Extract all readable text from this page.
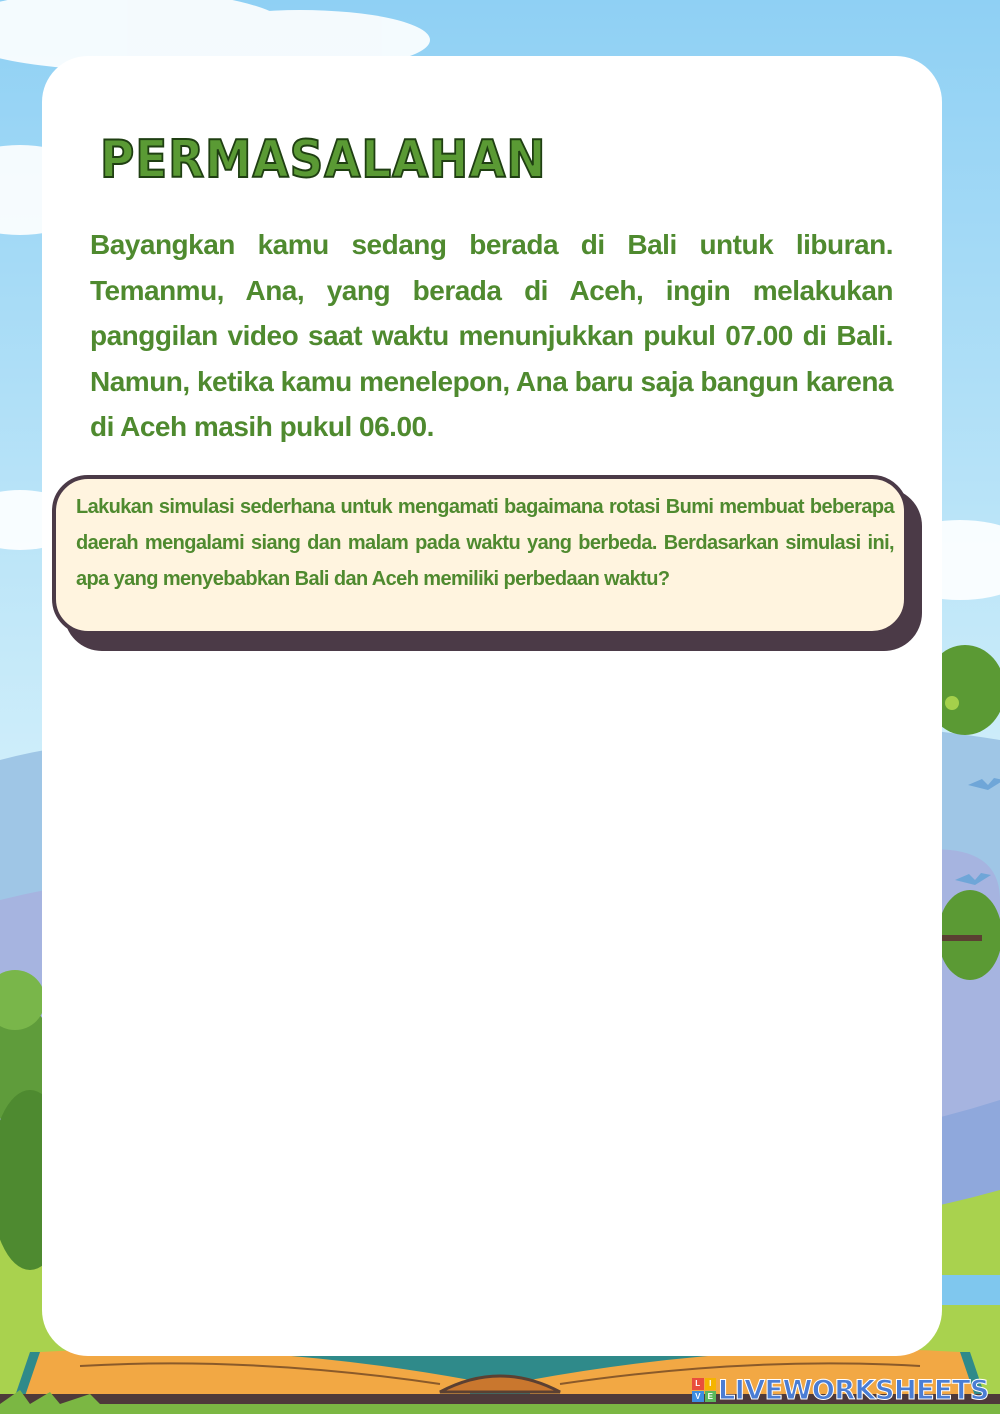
PERMASALAHAN

Bayangkan kamu sedang berada di Bali untuk liburan. Temanmu, Ana, yang berada di Aceh, ingin melakukan panggilan video saat waktu menunjukkan pukul 07.00 di Bali. Namun, ketika kamu menelepon, Ana baru saja bangun karena di Aceh masih pukul 06.00.

Lakukan simulasi sederhana untuk mengamati bagaimana rotasi Bumi membuat beberapa daerah mengalami siang dan malam pada waktu yang berbeda. Berdasarkan simulasi ini, apa yang menyebabkan Bali dan Aceh memiliki perbedaan waktu?

L	I
V E LIVEWORKSHEETS
